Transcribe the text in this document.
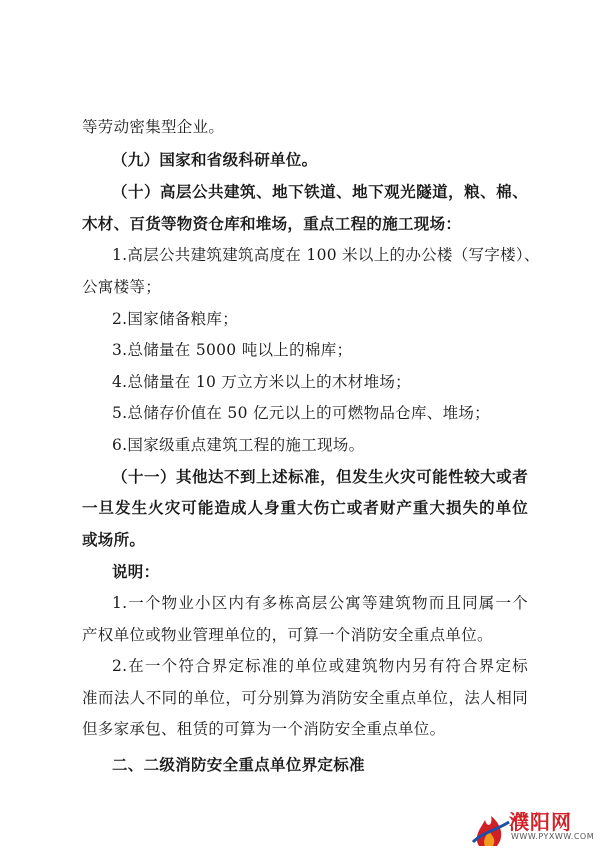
等劳动密集型企业。
（九）国家和省级科研单位。
（十）高层公共建筑、地下铁道、地下观光隧道，粮、棉、
木材、百货等物资仓库和堆场，重点工程的施工现场：
1.高层公共建筑建筑高度在 100 米以上的办公楼（写字楼）、
公寓楼等；
2.国家储备粮库；
3.总储量在 5000 吨以上的棉库；
4.总储量在 10 万立方米以上的木材堆场；
5.总储存价值在 50 亿元以上的可燃物品仓库、堆场；
6.国家级重点建筑工程的施工现场。
（十一）其他达不到上述标准，但发生火灾可能性较大或者
一旦发生火灾可能造成人身重大伤亡或者财产重大损失的单位
或场所。
说明：
1.一个物业小区内有多栋高层公寓等建筑物而且同属一个
产权单位或物业管理单位的，可算一个消防安全重点单位。
2.在一个符合界定标准的单位或建筑物内另有符合界定标
准而法人不同的单位，可分别算为消防安全重点单位，法人相同
但多家承包、租赁的可算为一个消防安全重点单位。
二、二级消防安全重点单位界定标准
濮阳网
WWW.PYXWW.COM
